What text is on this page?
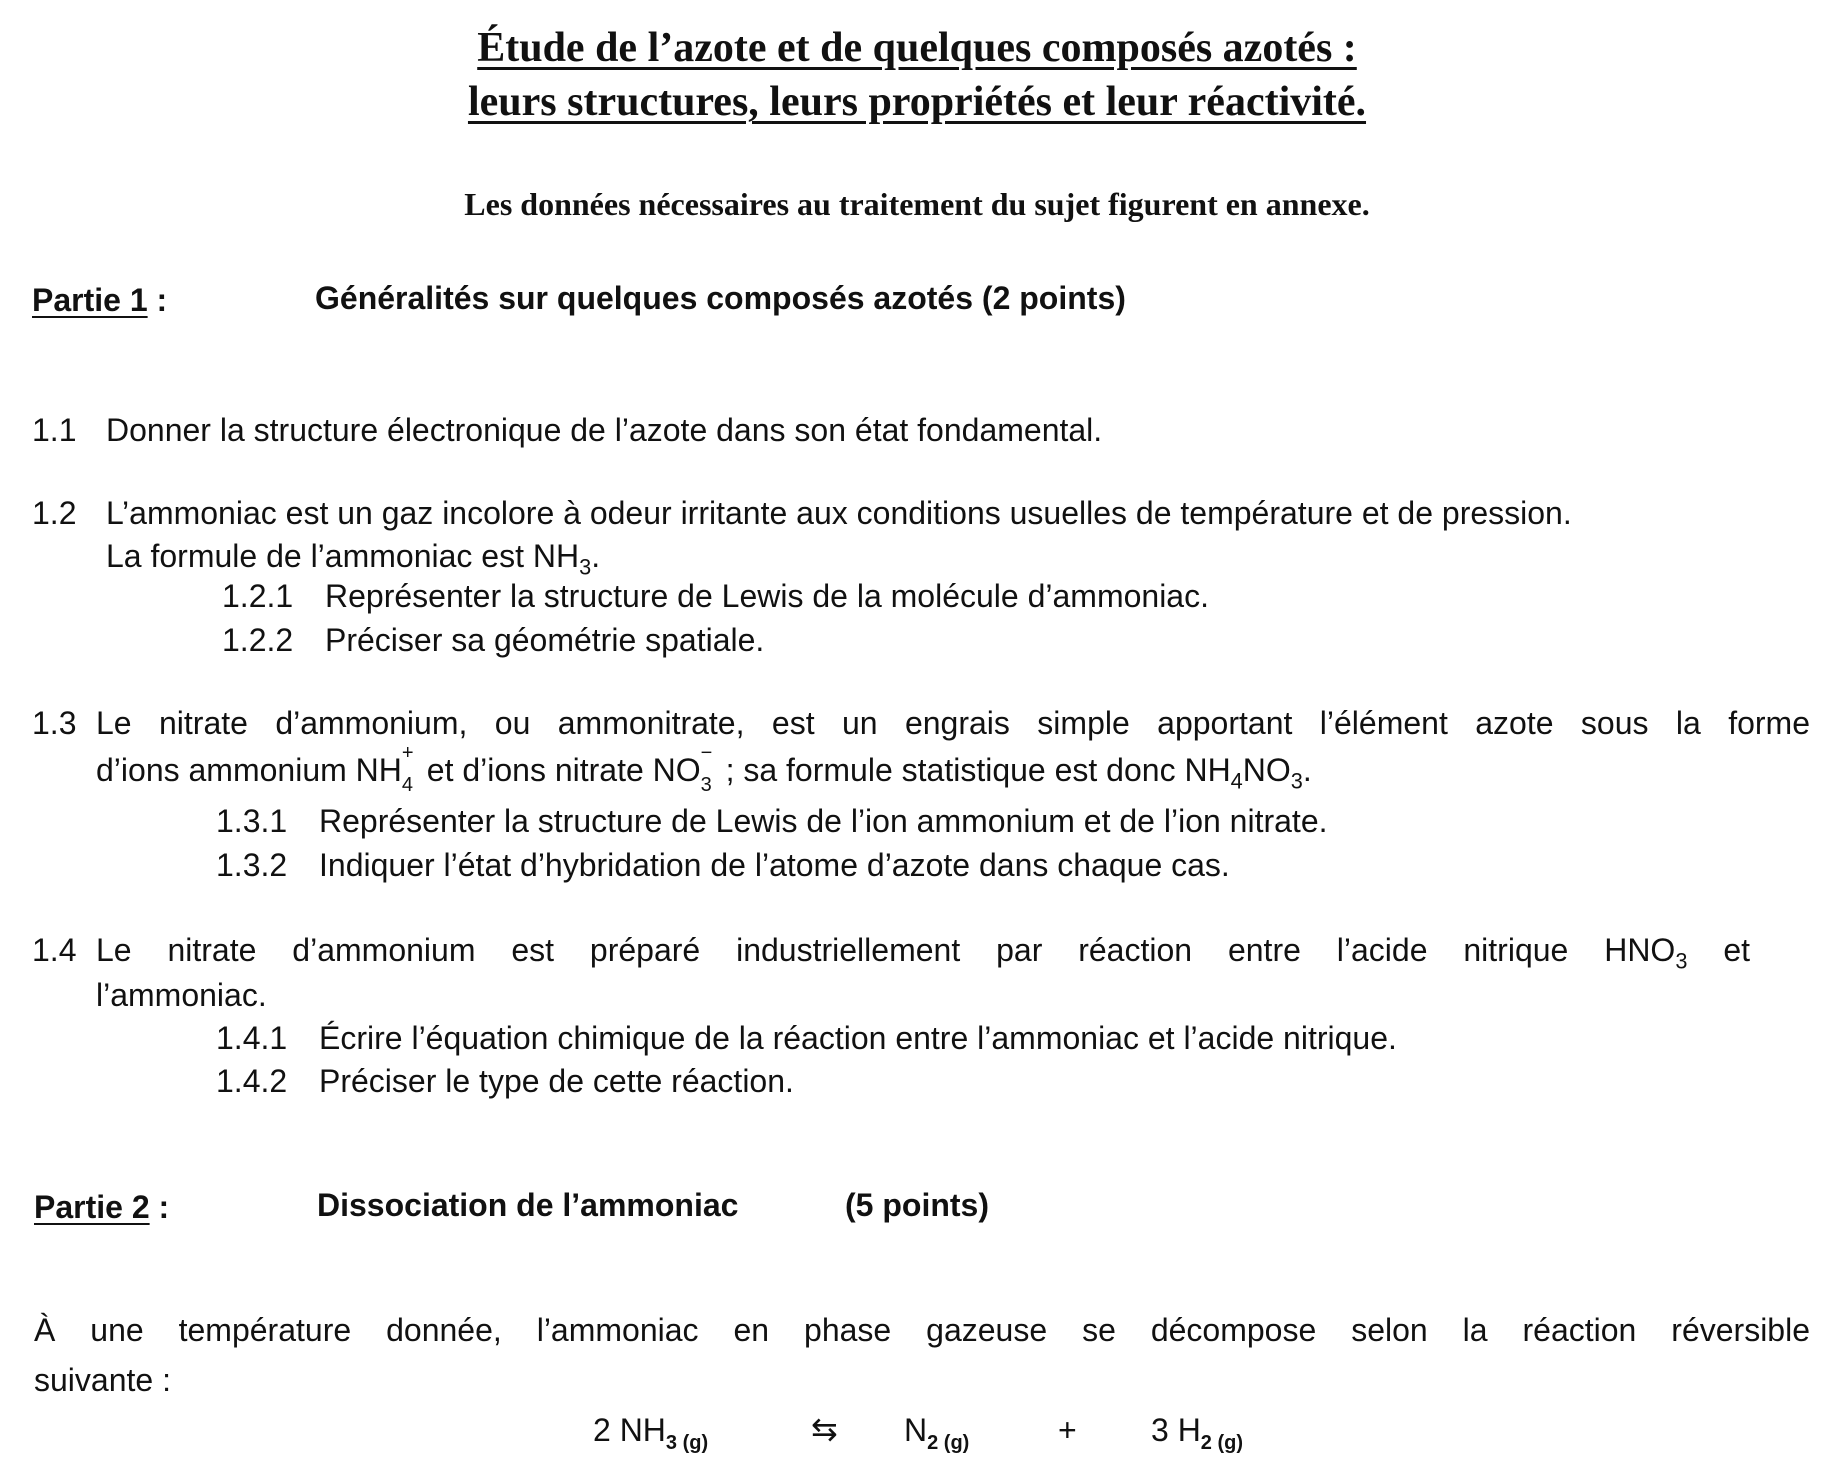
Étude de l’azote et de quelques composés azotés :
leurs structures, leurs propriétés et leur réactivité.
Les données nécessaires au traitement du sujet figurent en annexe.
Partie 1 :	Généralités sur quelques composés azotés (2 points)
1.1 Donner la structure électronique de l’azote dans son état fondamental.
1.2 L’ammoniac est un gaz incolore à odeur irritante aux conditions usuelles de température et de pression.
La formule de l’ammoniac est $NH_3$.
1.2.1 Représenter la structure de Lewis de la molécule d’ammoniac.
1.2.2 Préciser sa géométrie spatiale.
1.3 Le nitrate d’ammonium, ou ammonitrate, est un engrais simple apportant l’élément azote sous la forme
d’ions ammonium NH +
4 et d’ions nitrate NO −
3 ; sa formule statistique est donc $NH_4NO_3$.
1.3.1 Représenter la structure de Lewis de l’ion ammonium et de l’ion nitrate.
1.3.2 Indiquer l’état d’hybridation de l’atome d’azote dans chaque cas.
1.4 Le nitrate d’ammonium est préparé industriellement par réaction entre l’acide nitrique $HNO_3$ et
l’ammoniac.
1.4.1 Écrire l’équation chimique de la réaction entre l’ammoniac et l’acide nitrique.
1.4.2 Préciser le type de cette réaction.
Partie 2 :	Dissociation de l’ammoniac	(5 points)
À une température donnée, l’ammoniac en phase gazeuse se décompose selon la réaction réversible
suivante :
2 $NH_{3 (g)}$	⇆ $N_{2 (g)}$	+ 3 $H_{2 (g)}$
